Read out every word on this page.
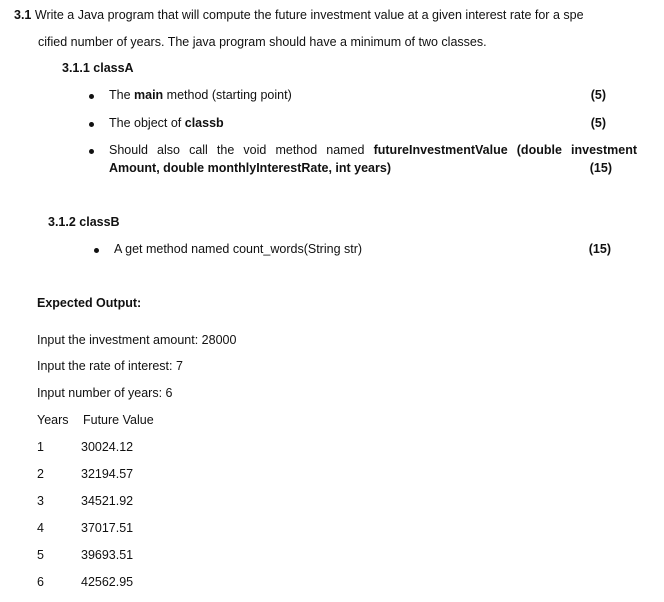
3.1 Write a Java program that will compute the future investment value at a given interest rate for a spe
cified number of years. The java program should have a minimum of two classes.
3.1.1 classA
The main method (starting point)	(5)
The object of classb	(5)
Should also call the void method named futureInvestmentValue (double investment
Amount, double monthlyInterestRate, int years)	(15)
3.1.2 classB
A get method named count_words(String str)	(15)
Expected Output:
Input the investment amount: 28000
Input the rate of interest: 7
Input number of years: 6
Years Future Value
1	30024.12
2	32194.57
3	34521.92
4	37017.51
5	39693.51
6	42562.95
